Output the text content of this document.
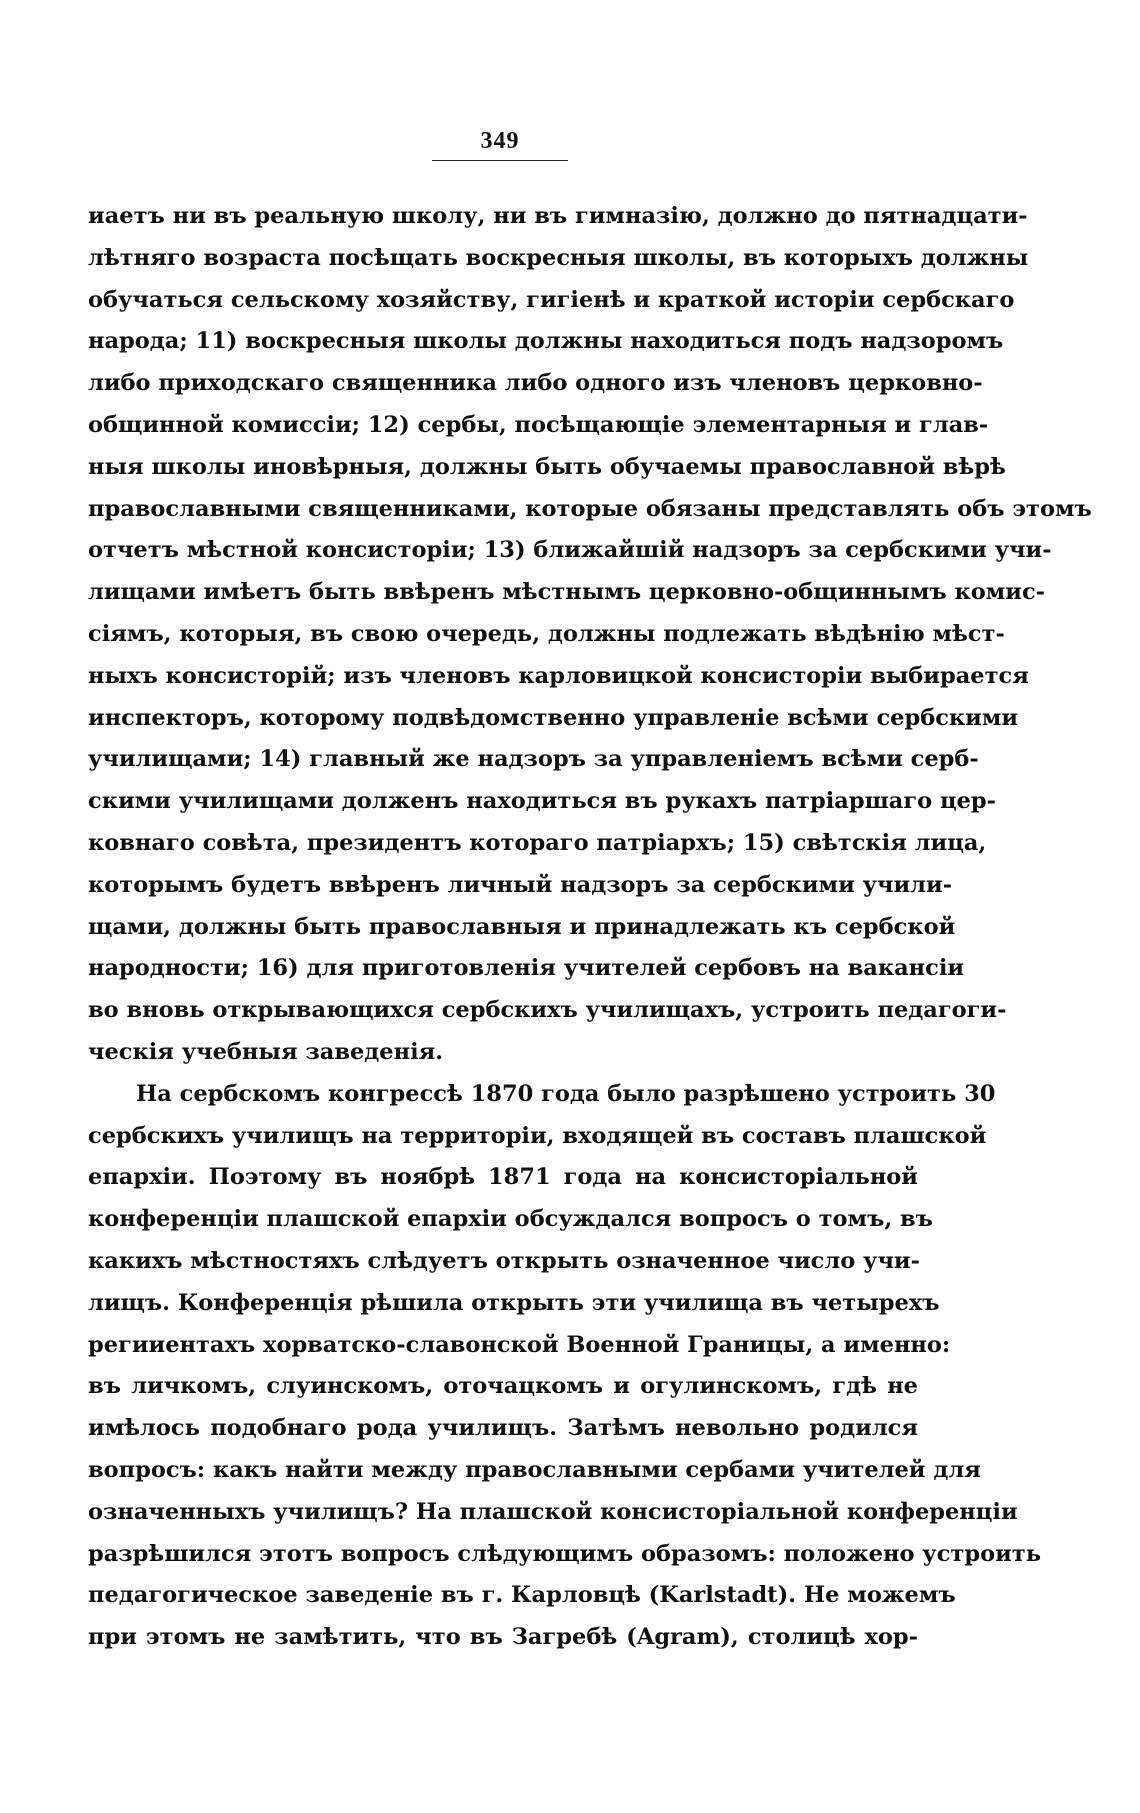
349
иаетъ ни въ реальную школу, ни въ гимназію, должно до пятнадцати-
лѣтняго возраста посѣщать воскресныя школы, въ которыхъ должны
обучаться сельскому хозяйству, гигіенѣ и краткой исторіи сербскаго
народа; 11) воскресныя школы должны находиться подъ надзоромъ
либо приходскаго священника либо одного изъ членовъ церковно-
общинной комиссіи; 12) сербы, посѣщающіе элементарныя и глав-
ныя школы иновѣрныя, должны быть обучаемы православной вѣрѣ
православными священниками, которые обязаны представлять объ этомъ
отчетъ мѣстной консисторіи; 13) ближайшій надзоръ за сербскими учи-
лищами имѣетъ быть ввѣренъ мѣстнымъ церковно-общиннымъ комис-
сіямъ, которыя, въ свою очередь, должны подлежать вѣдѣнію мѣст-
ныхъ консисторій; изъ членовъ карловицкой консисторіи выбирается
инспекторъ, которому подвѣдомственно управленіе всѣми сербскими
училищами; 14) главный же надзоръ за управленіемъ всѣми серб-
скими училищами долженъ находиться въ рукахъ патріаршаго цер-
ковнаго совѣта, президентъ котораго патріархъ; 15) свѣтскія лица,
которымъ будетъ ввѣренъ личный надзоръ за сербскими учили-
щами, должны быть православныя и принадлежать къ сербской
народности; 16) для приготовленія учителей сербовъ на вакансіи
во вновь открывающихся сербскихъ училищахъ, устроить педагоги-
ческія учебныя заведенія.
На сербскомъ конгрессѣ 1870 года было разрѣшено устроить 30
сербскихъ училищъ на территоріи, входящей въ составъ плашской
епархіи. Поэтому въ ноябрѣ 1871 года на консисторіальной
конференціи плашской епархіи обсуждался вопросъ о томъ, въ
какихъ мѣстностяхъ слѣдуетъ открыть означенное число учи-
лищъ. Конференція рѣшила открыть эти училища въ четырехъ
регииентахъ хорватско-славонской Военной Границы, а именно:
въ личкомъ, слуинскомъ, оточацкомъ и огулинскомъ, гдѣ не
имѣлось подобнаго рода училищъ. Затѣмъ невольно родился
вопросъ: какъ найти между православными сербами учителей для
означенныхъ училищъ? На плашской консисторіальной конференціи
разрѣшился этотъ вопросъ слѣдующимъ образомъ: положено устроить
педагогическое заведеніе въ г. Карловцѣ (Karlstadt). Не можемъ
при этомъ не замѣтить, что въ Загребѣ (Agram), столицѣ хор-
